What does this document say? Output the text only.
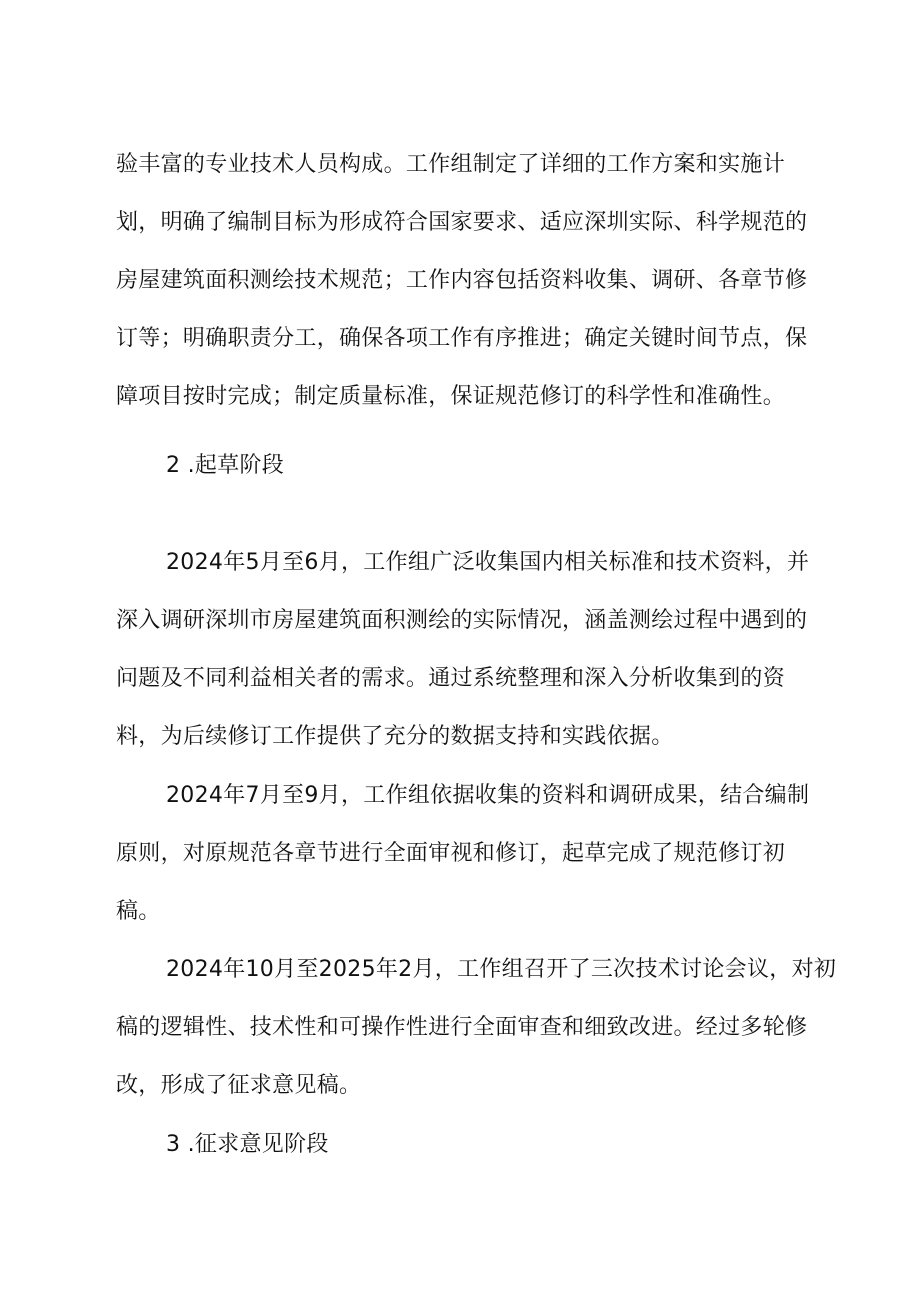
验丰富的专业技术人员构成。工作组制定了详细的工作方案和实施计
划，明确了编制目标为形成符合国家要求、适应深圳实际、科学规范的
房屋建筑面积测绘技术规范；工作内容包括资料收集、调研、各章节修
订等；明确职责分工，确保各项工作有序推进；确定关键时间节点，保
障项目按时完成；制定质量标准，保证规范修订的科学性和准确性。
2 .起草阶段
2024年5月至6月，工作组广泛收集国内相关标准和技术资料，并
深入调研深圳市房屋建筑面积测绘的实际情况，涵盖测绘过程中遇到的
问题及不同利益相关者的需求。通过系统整理和深入分析收集到的资
料，为后续修订工作提供了充分的数据支持和实践依据。
2024年7月至9月，工作组依据收集的资料和调研成果，结合编制
原则，对原规范各章节进行全面审视和修订，起草完成了规范修订初
稿。
2024年10月至2025年2月，工作组召开了三次技术讨论会议，对初
稿的逻辑性、技术性和可操作性进行全面审查和细致改进。经过多轮修
改，形成了征求意见稿。
3 .征求意见阶段
